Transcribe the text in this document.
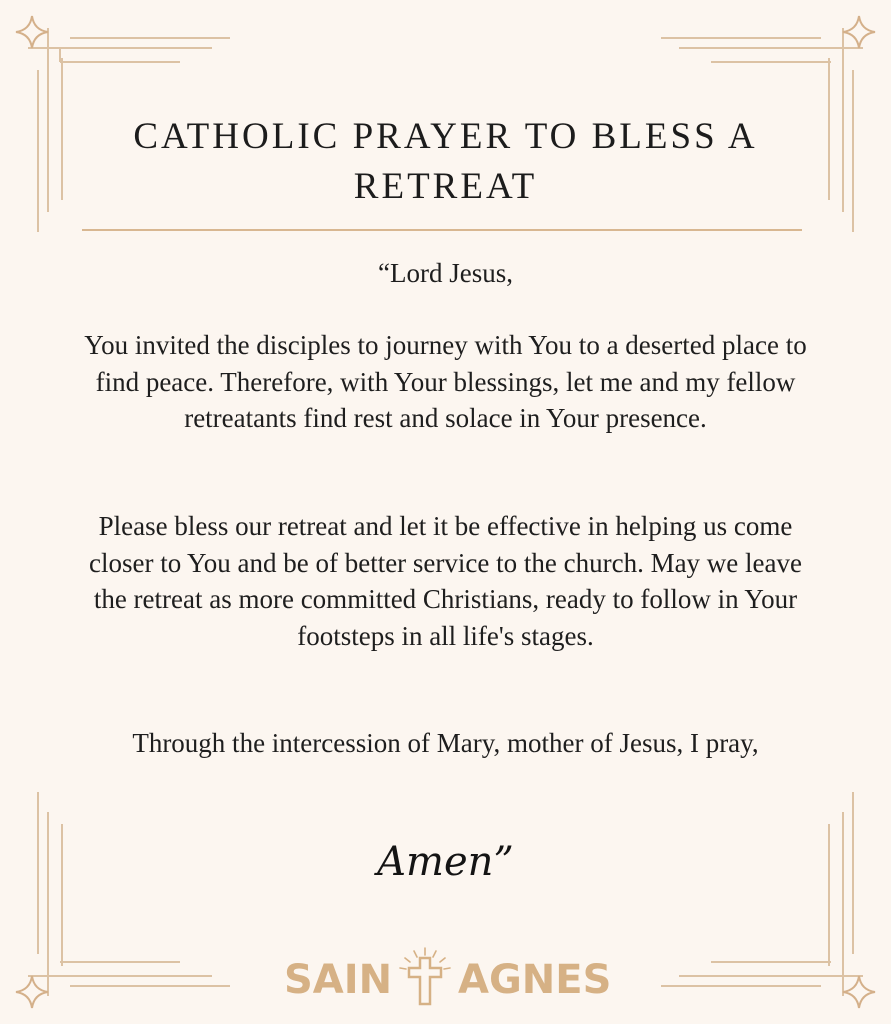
CATHOLIC PRAYER TO BLESS A RETREAT

“Lord Jesus,

You invited the disciples to journey with You to a deserted place to find peace. Therefore, with Your blessings, let me and my fellow retreatants find rest and solace in Your presence.

Please bless our retreat and let it be effective in helping us come closer to You and be of better service to the church. May we leave the retreat as more committed Christians, ready to follow in Your footsteps in all life's stages.

Through the intercession of Mary, mother of Jesus, I pray,

Amen”

SAIN AGNES
